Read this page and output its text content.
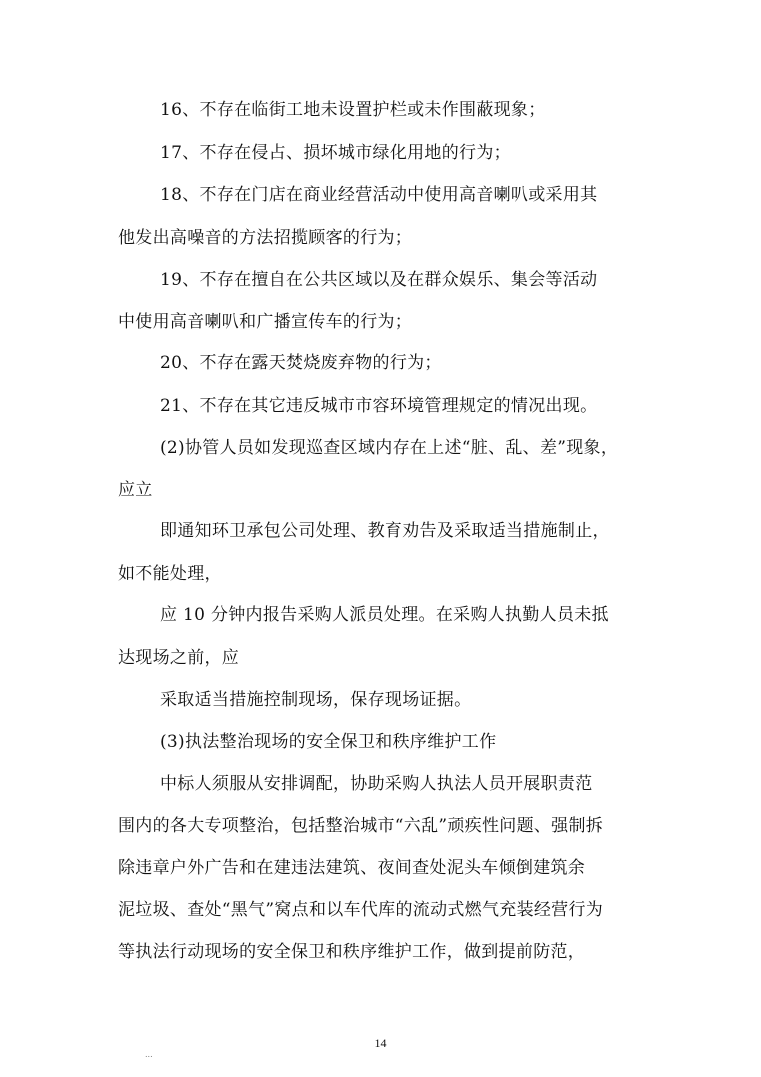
16、不存在临街工地未设置护栏或未作围蔽现象；
17、不存在侵占、损坏城市绿化用地的行为；
18、不存在门店在商业经营活动中使用高音喇叭或采用其
他发出高噪音的方法招揽顾客的行为；
19、不存在擅自在公共区域以及在群众娱乐、集会等活动
中使用高音喇叭和广播宣传车的行为；
20、不存在露天焚烧废弃物的行为；
21、不存在其它违反城市市容环境管理规定的情况出现。
(2)协管人员如发现巡查区域内存在上述“脏、乱、差”现象，
应立
即通知环卫承包公司处理、教育劝告及采取适当措施制止，
如不能处理，
应 10 分钟内报告采购人派员处理。在采购人执勤人员未抵
达现场之前，应
采取适当措施控制现场，保存现场证据。
(3)执法整治现场的安全保卫和秩序维护工作
中标人须服从安排调配，协助采购人执法人员开展职责范
围内的各大专项整治，包括整治城市“六乱”顽疾性问题、强制拆
除违章户外广告和在建违法建筑、夜间查处泥头车倾倒建筑余
泥垃圾、查处“黑气”窝点和以车代库的流动式燃气充装经营行为
等执法行动现场的安全保卫和秩序维护工作，做到提前防范，
14
...
